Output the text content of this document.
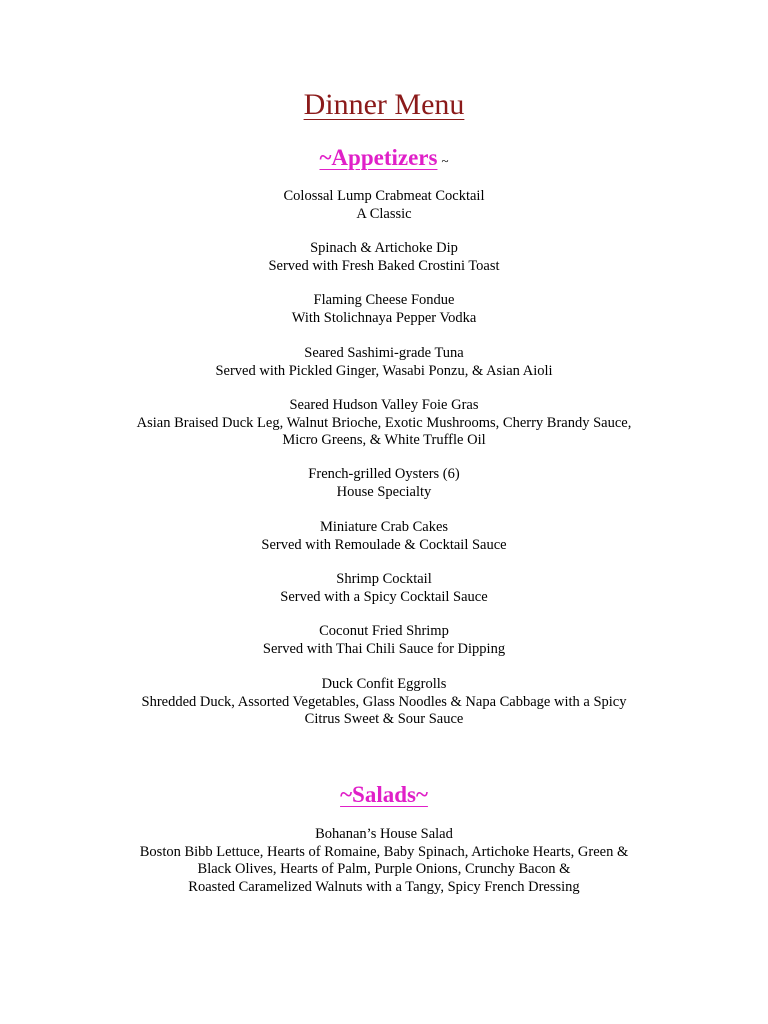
Dinner Menu
~Appetizers ~
Colossal Lump Crabmeat Cocktail
A Classic
Spinach & Artichoke Dip
Served with Fresh Baked Crostini Toast
Flaming Cheese Fondue
With Stolichnaya Pepper Vodka
Seared Sashimi-grade Tuna
Served with Pickled Ginger, Wasabi Ponzu, & Asian Aioli
Seared Hudson Valley Foie Gras
Asian Braised Duck Leg, Walnut Brioche, Exotic Mushrooms, Cherry Brandy Sauce,
Micro Greens, & White Truffle Oil
French-grilled Oysters (6)
House Specialty
Miniature Crab Cakes
Served with Remoulade & Cocktail Sauce
Shrimp Cocktail
Served with a Spicy Cocktail Sauce
Coconut Fried Shrimp
Served with Thai Chili Sauce for Dipping
Duck Confit Eggrolls
Shredded Duck, Assorted Vegetables, Glass Noodles & Napa Cabbage with a Spicy
Citrus Sweet & Sour Sauce
~Salads~
Bohanan’s House Salad
Boston Bibb Lettuce, Hearts of Romaine, Baby Spinach, Artichoke Hearts, Green &
Black Olives, Hearts of Palm, Purple Onions, Crunchy Bacon &
Roasted Caramelized Walnuts with a Tangy, Spicy French Dressing
